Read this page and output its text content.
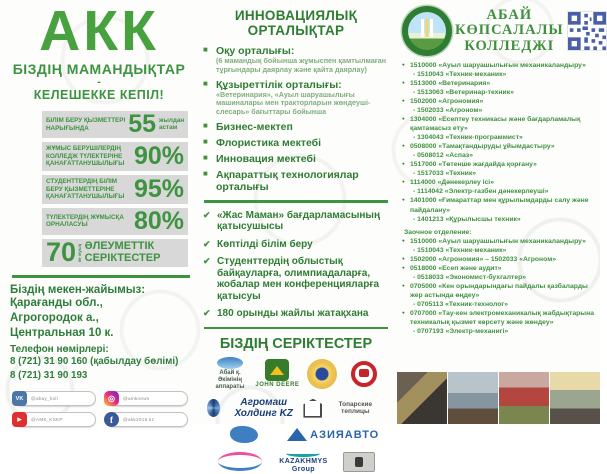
АКК
БІЗДІҢ МАМАНДЫҚТАР
-
КЕЛЕШЕККЕ КЕПІЛ!
БІЛІМ БЕРУ ҚЫЗМЕТТЕРІ НАРЫҒЫНДА	55 жылдан астам
ЖҰМЫС БЕРУШІЛЕРДІҢ КОЛЛЕДЖ ТҮЛЕКТЕРІНЕ ҚАНАҒАТТАНУШЫЛЫҒЫ 90%
СТУДЕНТТЕРДІҢ БІЛІМ БЕРУ ҚЫЗМЕТТЕРІНЕ ҚАНАҒАТТАНУШЫЛЫҒЫ 95%
ТҮЛЕКТЕРДІҢ ЖҰМЫСҚА ОРНАЛАСУЫ	80%
70 ке жуық ӘЛЕУМЕТТІК СЕРІКТЕСТЕР
Біздің мекен-жайымыз:
Қарағанды обл.,
Агрогородок а.,
Центральная 10 к.
Телефон нөмірлері:
8 (721) 31 90 160 (қабылдау бөлімі)
8 (721) 31 90 193
VK @abay_koll	◎ @amknews
▶ @АМК_KSKP	f @akk2016.kz
ИННОВАЦИЯЛЫҚ ОРТАЛЫҚТАР
■ Оқу орталығы:
(6 мамандық бойынша жұмыспен қамтылмаған тұрғындары даярлау және қайта даярлау)
■ Құзыреттілік орталығы:
«Ветеринария», «Ауыл шаруашылығы машиналары мен тракторларын жөндеуші-слесарь» бағыттары бойынша
■ Бизнес-мектеп
■ Флористика мектебі
■ Инновация мектебі
■ Ақпараттық технологиялар орталығы
✔ «Жас Маман» бағдарламасының қатысушысы
✔ Көптілді білім беру
✔ Студенттердің облыстық байқауларға, олимпиадаларға, жобалар мен конференцияларға қатысуы
✔ 180 орынды жайлы жатақхана
БІЗДІҢ СЕРІКТЕСТЕР
Абай қ. Әкімінің аппараты	JOHN DEERE
Агромаш Холдинг KZ
Топарские теплицы
АЗИЯАВТО
KAZAKHMYS Group
АБАЙ
КӨПСАЛАЛЫ
КОЛЛЕДЖІ
● 1510000 «Ауыл шаруашылығын механикаландыру»
- 1510043 «Техник-механик»
● 1513000 «Ветеринария»
- 1513063 «Ветеринар-техник»
● 1502000 «Агрономия»
- 1502033 «Агроном»
● 1304000 «Есептеу техникасы және бағдарламалық қамтамасыз ету»
- 1304043 «Техник-программист»
● 0508000 «Тамақтандыруды ұйымдастыру»
- 0508012 «Аспаз»
● 1517000 «Төтенше жағдайда қорғану»
- 1517033 «Техник»
● 1114000 «Дәнекерлеу ісі»
- 1114042 «Электр-газбен дәнекерлеуші»
● 1401000 «Ғимараттар мен құрылымдарды салу және пайдалану»
- 1401213 «Құрылысшы техник»
Заочное отделение:
● 1510000 «Ауыл шаруашылығын механикаландыру»
- 1510043 «Техник-механик»
● 1502000 «Агрономия» – 1502033 «Агроном»
● 0518000 «Есеп және аудит»
- 0518033 «Экономист-бухгалтер»
● 0705000 «Кен орындарындағы пайдалы қазбаларды жер астында өңдеу»
- 0705113 «Техник-технолог»
● 0707000 «Тау-кен электромеханикалық жабдықтарына техникалық қызмет көрсету және жөндеу»
- 0707193 «Электр-механигі»
